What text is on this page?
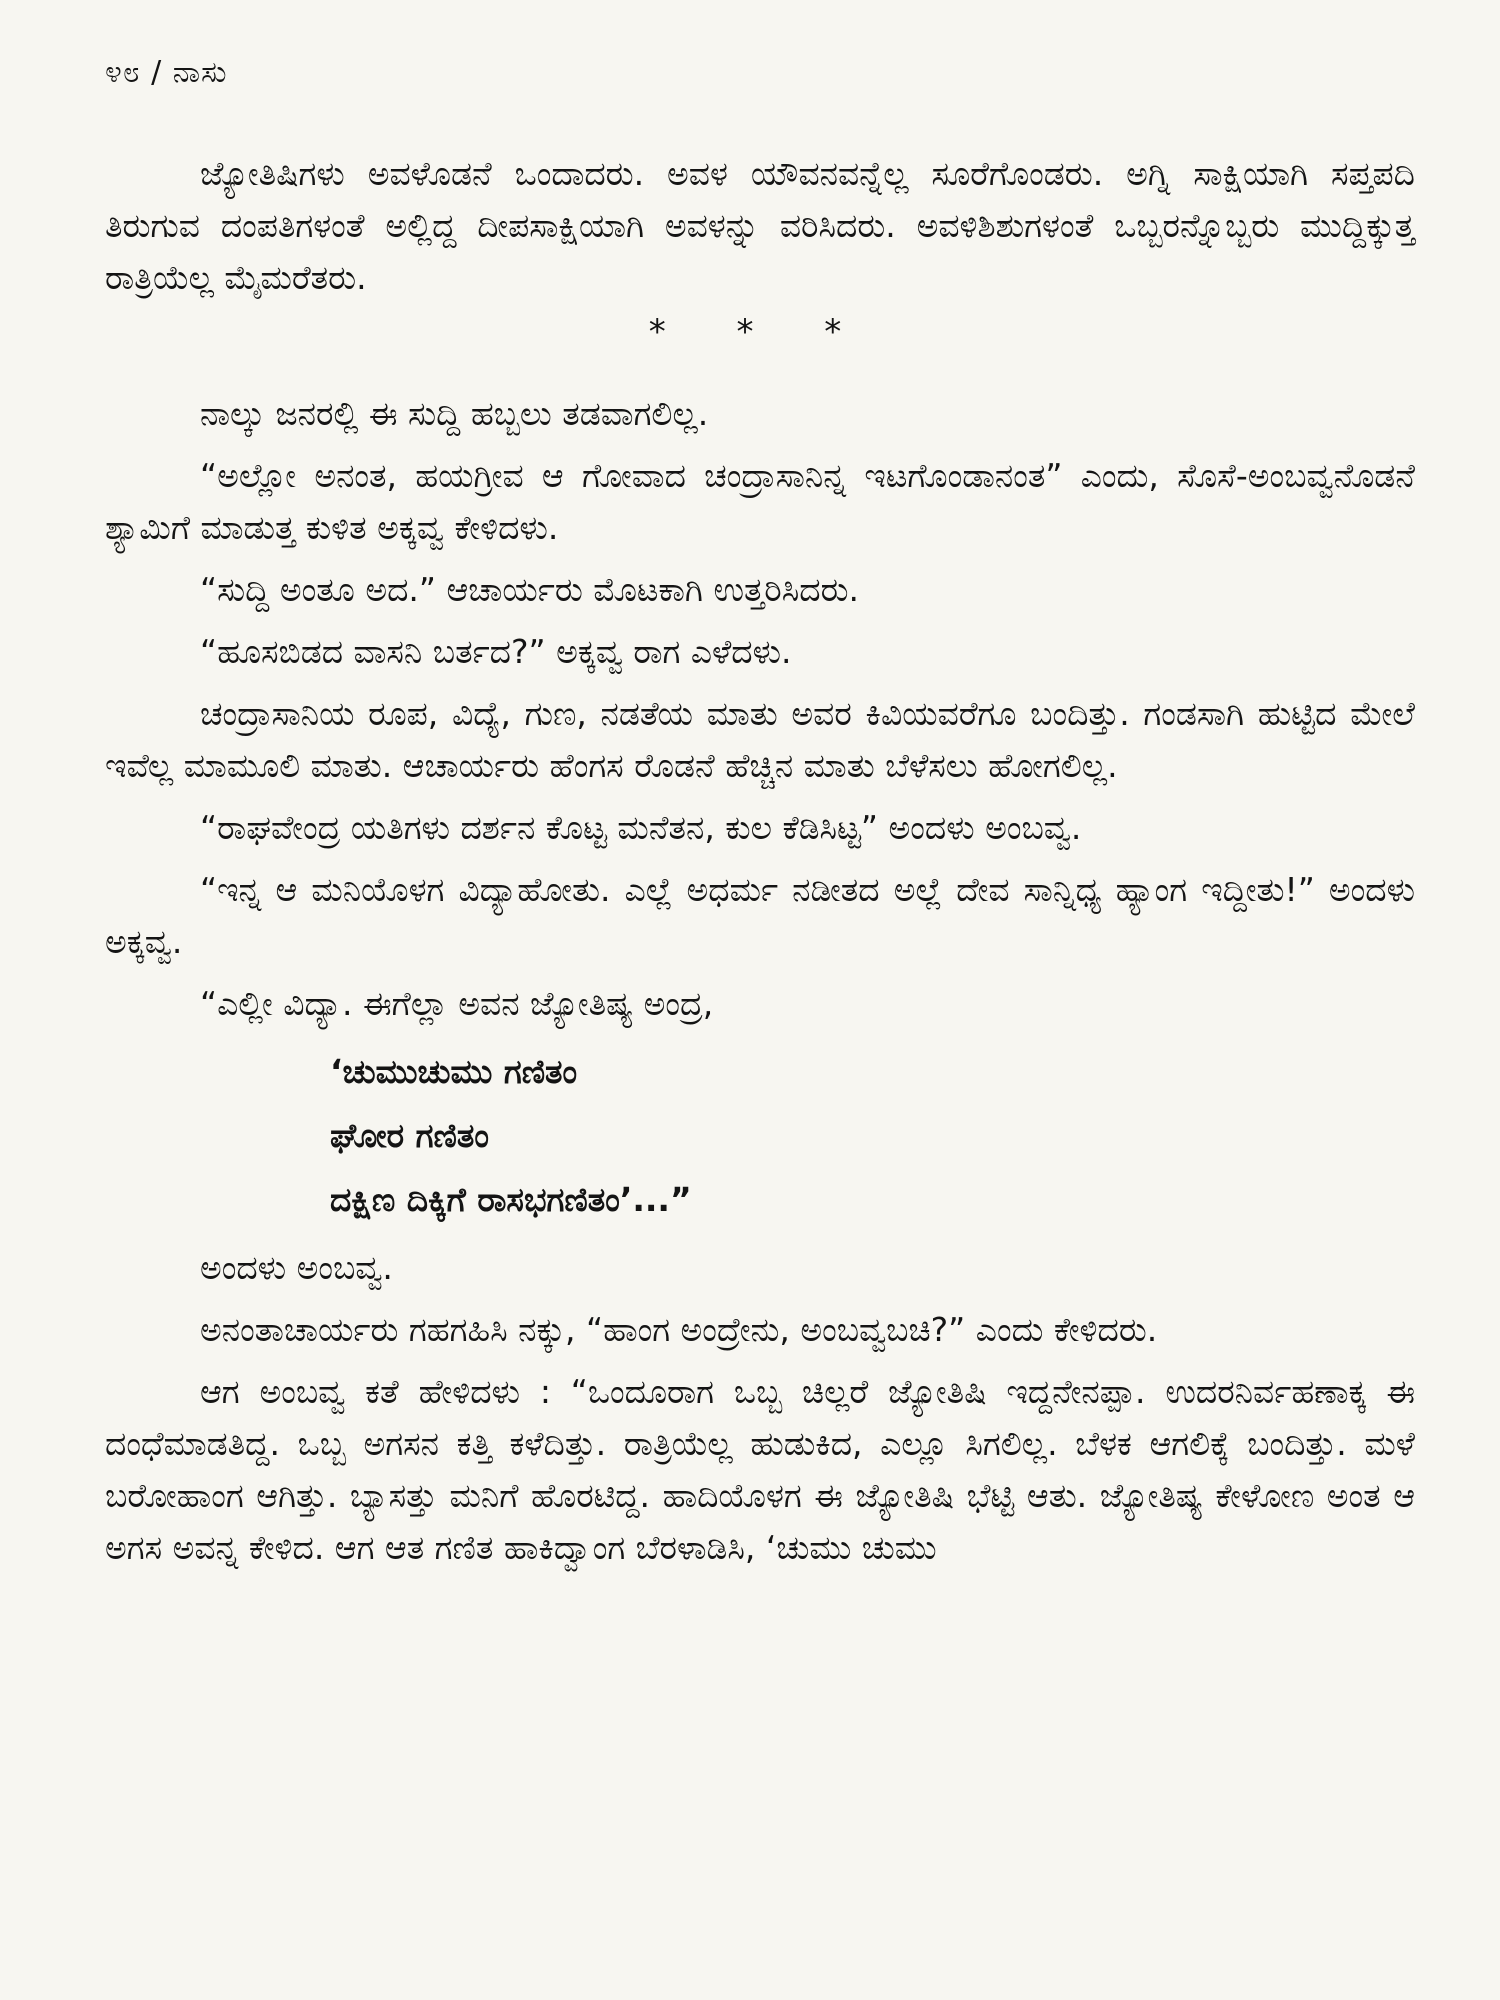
೪೮ / ನಾಸು

ಜ್ಯೋತಿಷಿಗಳು ಅವಳೊಡನೆ ಒಂದಾದರು. ಅವಳ ಯೌವನವನ್ನೆಲ್ಲ ಸೂರೆಗೊಂಡರು. ಅಗ್ನಿ ಸಾಕ್ಷಿಯಾಗಿ ಸಪ್ತಪದಿ ತಿರುಗುವ ದಂಪತಿಗಳಂತೆ ಅಲ್ಲಿದ್ದ ದೀಪಸಾಕ್ಷಿಯಾಗಿ ಅವಳನ್ನು ವರಿಸಿದರು. ಅವಳಿಶಿಶುಗಳಂತೆ ಒಬ್ಬರನ್ನೊಬ್ಬರು ಮುದ್ದಿಕ್ಕುತ್ತ ರಾತ್ರಿಯೆಲ್ಲ ಮೈಮರೆತರು.

* * *

ನಾಲ್ಕು ಜನರಲ್ಲಿ ಈ ಸುದ್ದಿ ಹಬ್ಬಲು ತಡವಾಗಲಿಲ್ಲ.

“ಅಲ್ಲೋ ಅನಂತ, ಹಯಗ್ರೀವ ಆ ಗೋವಾದ ಚಂದ್ರಾಸಾನಿನ್ನ ಇಟಗೊಂಡಾನಂತ” ಎಂದು, ಸೊಸೆ-ಅಂಬವ್ವನೊಡನೆ ಶ್ಯಾಮಿಗೆ ಮಾಡುತ್ತ ಕುಳಿತ ಅಕ್ಕವ್ವ ಕೇಳಿದಳು.

“ಸುದ್ದಿ ಅಂತೂ ಅದ.” ಆಚಾರ್ಯರು ಮೊಟಕಾಗಿ ಉತ್ತರಿಸಿದರು.

“ಹೂಸಬಿಡದ ವಾಸನಿ ಬರ್ತದ?” ಅಕ್ಕವ್ವ ರಾಗ ಎಳೆದಳು.

ಚಂದ್ರಾಸಾನಿಯ ರೂಪ, ವಿದ್ಯೆ, ಗುಣ, ನಡತೆಯ ಮಾತು ಅವರ ಕಿವಿಯವರೆಗೂ ಬಂದಿತ್ತು. ಗಂಡಸಾಗಿ ಹುಟ್ಟಿದ ಮೇಲೆ ಇವೆಲ್ಲ ಮಾಮೂಲಿ ಮಾತು. ಆಚಾರ್ಯರು ಹೆಂಗಸ ರೊಡನೆ ಹೆಚ್ಚಿನ ಮಾತು ಬೆಳೆಸಲು ಹೋಗಲಿಲ್ಲ.

“ರಾಘವೇಂದ್ರ ಯತಿಗಳು ದರ್ಶನ ಕೊಟ್ಟ ಮನೆತನ, ಕುಲ ಕೆಡಿಸಿಟ್ಟ” ಅಂದಳು ಅಂಬವ್ವ.

“ಇನ್ನ ಆ ಮನಿಯೊಳಗ ವಿದ್ಯಾಹೋತು. ಎಲ್ಲೆ ಅಧರ್ಮ ನಡೀತದ ಅಲ್ಲೆ ದೇವ ಸಾನ್ನಿಧ್ಯ ಹ್ಯಾಂಗ ಇದ್ದೀತು!” ಅಂದಳು ಅಕ್ಕವ್ವ.

“ಎಲ್ಲೀ ವಿದ್ಯಾ. ಈಗೆಲ್ಲಾ ಅವನ ಜ್ಯೋತಿಷ್ಯ ಅಂದ್ರ,

‘ಚುಮುಚುಮು ಗಣಿತಂ
ಘೋರ ಗಣಿತಂ
ದಕ್ಷಿಣ ದಿಕ್ಕಿಗೆ ರಾಸಭಗಣಿತಂ’...”

ಅಂದಳು ಅಂಬವ್ವ.

ಅನಂತಾಚಾರ್ಯರು ಗಹಗಹಿಸಿ ನಕ್ಕು, “ಹಾಂಗ ಅಂದ್ರೇನು, ಅಂಬವ್ವಬಚಿ?” ಎಂದು ಕೇಳಿದರು.

ಆಗ ಅಂಬವ್ವ ಕತೆ ಹೇಳಿದಳು : “ಒಂದೂರಾಗ ಒಬ್ಬ ಚಿಲ್ಲರೆ ಜ್ಯೋತಿಷಿ ಇದ್ದನೇನಪ್ಪಾ. ಉದರನಿರ್ವಹಣಾಕ್ಕ ಈ ದಂಧೆಮಾಡತಿದ್ದ. ಒಬ್ಬ ಅಗಸನ ಕತ್ತಿ ಕಳೆದಿತ್ತು. ರಾತ್ರಿಯೆಲ್ಲ ಹುಡುಕಿದ, ಎಲ್ಲೂ ಸಿಗಲಿಲ್ಲ. ಬೆಳಕ ಆಗಲಿಕ್ಕೆ ಬಂದಿತ್ತು. ಮಳೆ ಬರೋಹಾಂಗ ಆಗಿತ್ತು. ಬ್ಯಾಸತ್ತು ಮನಿಗೆ ಹೊರಟಿದ್ದ. ಹಾದಿಯೊಳಗ ಈ ಜ್ಯೋತಿಷಿ ಭೆಟ್ಟಿ ಆತು. ಜ್ಯೋತಿಷ್ಯ ಕೇಳೋಣ ಅಂತ ಆ ಅಗಸ ಅವನ್ನ ಕೇಳಿದ. ಆಗ ಆತ ಗಣಿತ ಹಾಕಿದ್ವಾಂಗ ಬೆರಳಾಡಿಸಿ, ‘ಚುಮು ಚುಮು
